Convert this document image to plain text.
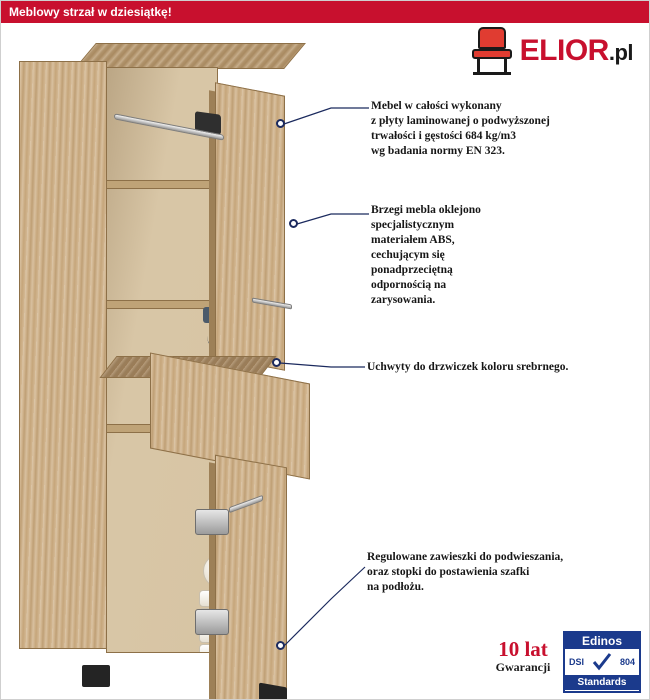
Meblowy strzał w dziesiątkę!
ELIOR.pl
Mebel w całości wykonany
z płyty laminowanej o podwyższonej
trwałości i gęstości 684 kg/m3
wg badania normy EN 323.
Brzegi mebla oklejono
specjalistycznym
materiałem ABS,
cechującym się
ponadprzeciętną
odpornością na
zarysowania.
Uchwyty do drzwiczek koloru srebrnego.
Regulowane zawieszki do podwieszania,
oraz stopki do postawienia szafki
na podłożu.
10 lat
Gwarancji
Edinos
DSI	804
Standards
